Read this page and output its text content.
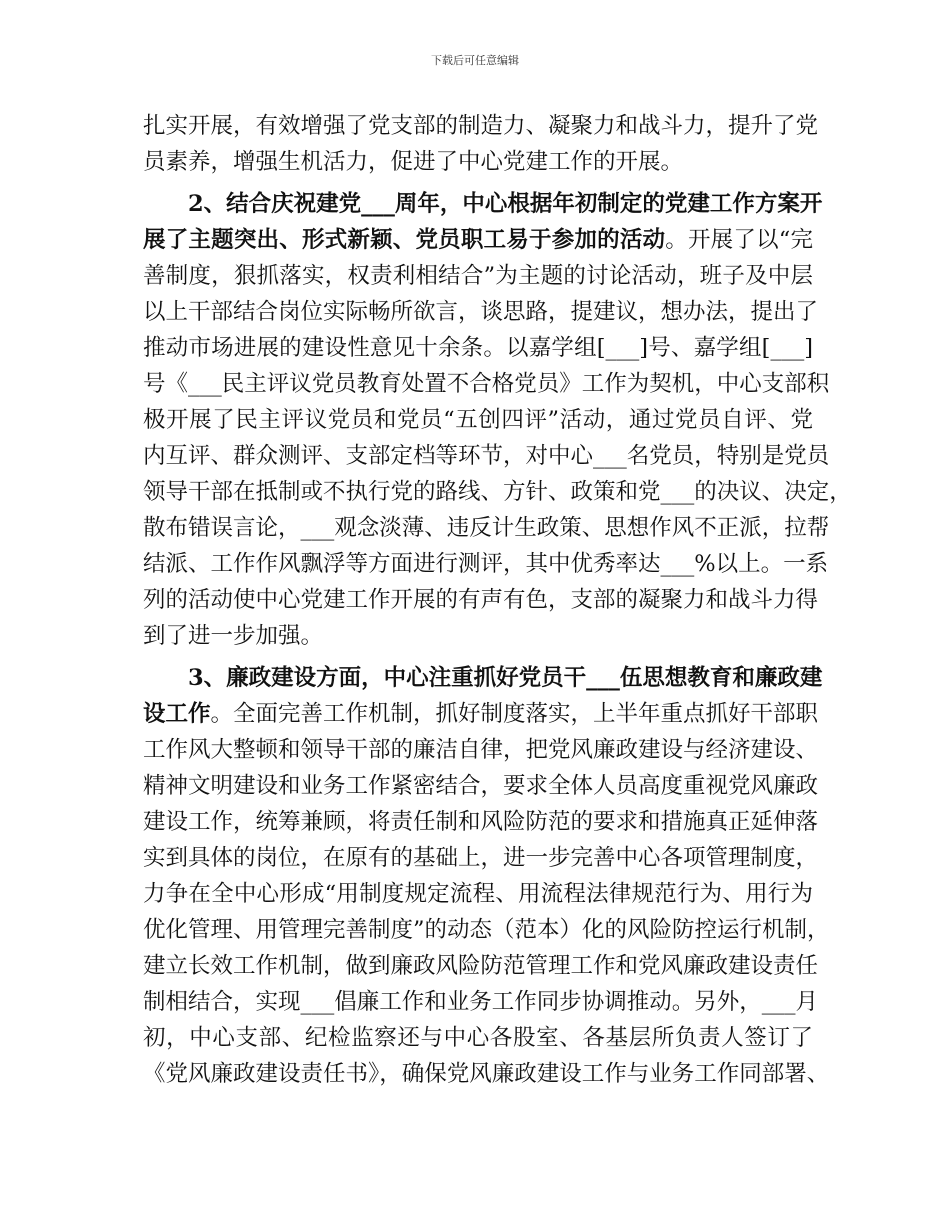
下载后可任意编辑
扎实开展，有效增强了党支部的制造力、凝聚力和战斗力，提升了党
员素养，增强生机活力，促进了中心党建工作的开展。
2、结合庆祝建党___周年，中心根据年初制定的党建工作方案开
展了主题突出、形式新颖、党员职工易于参加的活动。开展了以“完
善制度，狠抓落实，权责利相结合”为主题的讨论活动，班子及中层
以上干部结合岗位实际畅所欲言，谈思路，提建议，想办法，提出了
推动市场进展的建设性意见十余条。以嘉学组[___]号、嘉学组[___]
号《___民主评议党员教育处置不合格党员》工作为契机，中心支部积
极开展了民主评议党员和党员“五创四评”活动，通过党员自评、党
内互评、群众测评、支部定档等环节，对中心___名党员，特别是党员
领导干部在抵制或不执行党的路线、方针、政策和党___的决议、决定，
散布错误言论，___观念淡薄、违反计生政策、思想作风不正派，拉帮
结派、工作作风飘浮等方面进行测评，其中优秀率达___%以上。一系
列的活动使中心党建工作开展的有声有色，支部的凝聚力和战斗力得
到了进一步加强。
3、廉政建设方面，中心注重抓好党员干___伍思想教育和廉政建
设工作。全面完善工作机制，抓好制度落实，上半年重点抓好干部职
工作风大整顿和领导干部的廉洁自律，把党风廉政建设与经济建设、
精神文明建设和业务工作紧密结合，要求全体人员高度重视党风廉政
建设工作，统筹兼顾，将责任制和风险防范的要求和措施真正延伸落
实到具体的岗位，在原有的基础上，进一步完善中心各项管理制度，
力争在全中心形成“用制度规定流程、用流程法律规范行为、用行为
优化管理、用管理完善制度”的动态（范本）化的风险防控运行机制，
建立长效工作机制，做到廉政风险防范管理工作和党风廉政建设责任
制相结合，实现___倡廉工作和业务工作同步协调推动。另外，___月
初，中心支部、纪检监察还与中心各股室、各基层所负责人签订了
《党风廉政建设责任书》，确保党风廉政建设工作与业务工作同部署、
